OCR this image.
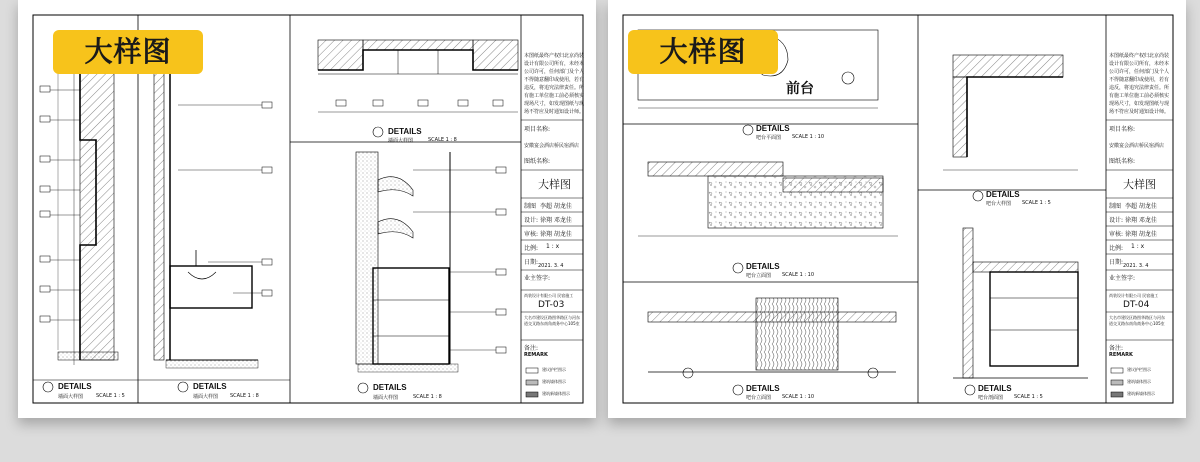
大样图
DETAILS
墙面大样图	SCALE 1 : 5
DETAILS
墙面大样图 SCALE 1 : 8
DETAILS
墙面大样图	SCALE 1 : 8
DETAILS
墙面大样图	SCALE 1 : 8
本图纸最终产权归北京尚装设计有限公司所有，未经本公司许可，任何部门及个人不得随意翻印或使用，若有违反，将追究法律责任。所有施工单位施工前必须核实现场尺寸，如发现图纸与现场不符应及时通知设计师。
项目名称:
安徽宴会酒店桥民宿酒店
图纸名称:
大样图
制图 李超 胡龙佳
设计: 徐翔 邓龙佳
审核: 徐翔 胡龙佳
比例: 1 : x
日期: 2021. 3. 4
业主签字:
尚装设计有限公司 民宿施工
DT-03
大名市建设区路图华路区与河东道交叉路东南角商务中心105室
备注:
REMARK
建议护栏图示
建筑墙体图示
建筑新墙体图示
大样图
前台
DETAILS
吧台平面图 SCALE 1 : 10
DETAILS
吧台立面图 SCALE 1 : 10
DETAILS
吧台立面图 SCALE 1 : 10
DETAILS
吧台大样图 SCALE 1 : 5
DETAILS
吧台剖面图 SCALE 1 : 5
本图纸最终产权归北京尚装设计有限公司所有，未经本公司许可，任何部门及个人不得随意翻印或使用，若有违反，将追究法律责任。所有施工单位施工前必须核实现场尺寸，如发现图纸与现场不符应及时通知设计师。
项目名称:
安徽宴会酒店桥民宿酒店
图纸名称:
大样图
制图 李超 胡龙佳
设计: 徐翔 邓龙佳
审核: 徐翔 胡龙佳
比例: 1 : x
日期: 2021. 3. 4
业主签字:
尚装设计有限公司 民宿施工
DT-04
大名市建设区路图华路区与河东道交叉路东南角商务中心105室
备注:
REMARK
建议护栏图示
建筑墙体图示
建筑新墙体图示
